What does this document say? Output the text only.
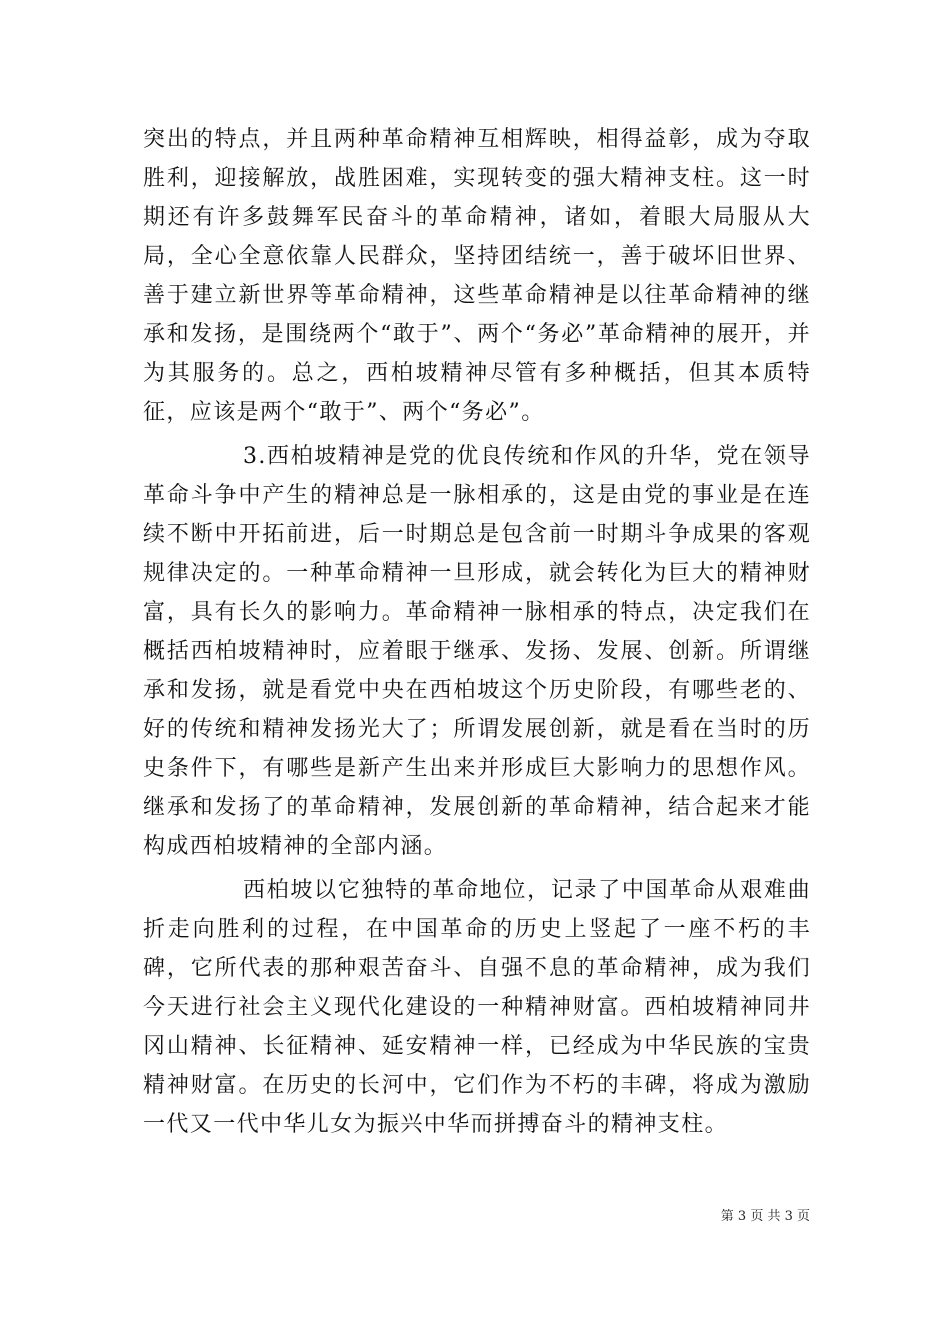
突出的特点，并且两种革命精神互相辉映，相得益彰，成为夺取胜利，迎接解放，战胜困难，实现转变的强大精神支柱。这一时期还有许多鼓舞军民奋斗的革命精神，诸如，着眼大局服从大局，全心全意依靠人民群众，坚持团结统一，善于破坏旧世界、善于建立新世界等革命精神，这些革命精神是以往革命精神的继承和发扬，是围绕两个“敢于”、两个“务必”革命精神的展开，并为其服务的。总之，西柏坡精神尽管有多种概括，但其本质特征，应该是两个“敢于”、两个“务必”。

3.西柏坡精神是党的优良传统和作风的升华，党在领导革命斗争中产生的精神总是一脉相承的，这是由党的事业是在连续不断中开拓前进，后一时期总是包含前一时期斗争成果的客观规律决定的。一种革命精神一旦形成，就会转化为巨大的精神财富，具有长久的影响力。革命精神一脉相承的特点，决定我们在概括西柏坡精神时，应着眼于继承、发扬、发展、创新。所谓继承和发扬，就是看党中央在西柏坡这个历史阶段，有哪些老的、好的传统和精神发扬光大了；所谓发展创新，就是看在当时的历史条件下，有哪些是新产生出来并形成巨大影响力的思想作风。继承和发扬了的革命精神，发展创新的革命精神，结合起来才能构成西柏坡精神的全部内涵。

西柏坡以它独特的革命地位，记录了中国革命从艰难曲折走向胜利的过程，在中国革命的历史上竖起了一座不朽的丰碑，它所代表的那种艰苦奋斗、自强不息的革命精神，成为我们今天进行社会主义现代化建设的一种精神财富。西柏坡精神同井冈山精神、长征精神、延安精神一样，已经成为中华民族的宝贵精神财富。在历史的长河中，它们作为不朽的丰碑，将成为激励一代又一代中华儿女为振兴中华而拼搏奋斗的精神支柱。

第 3 页 共 3 页
